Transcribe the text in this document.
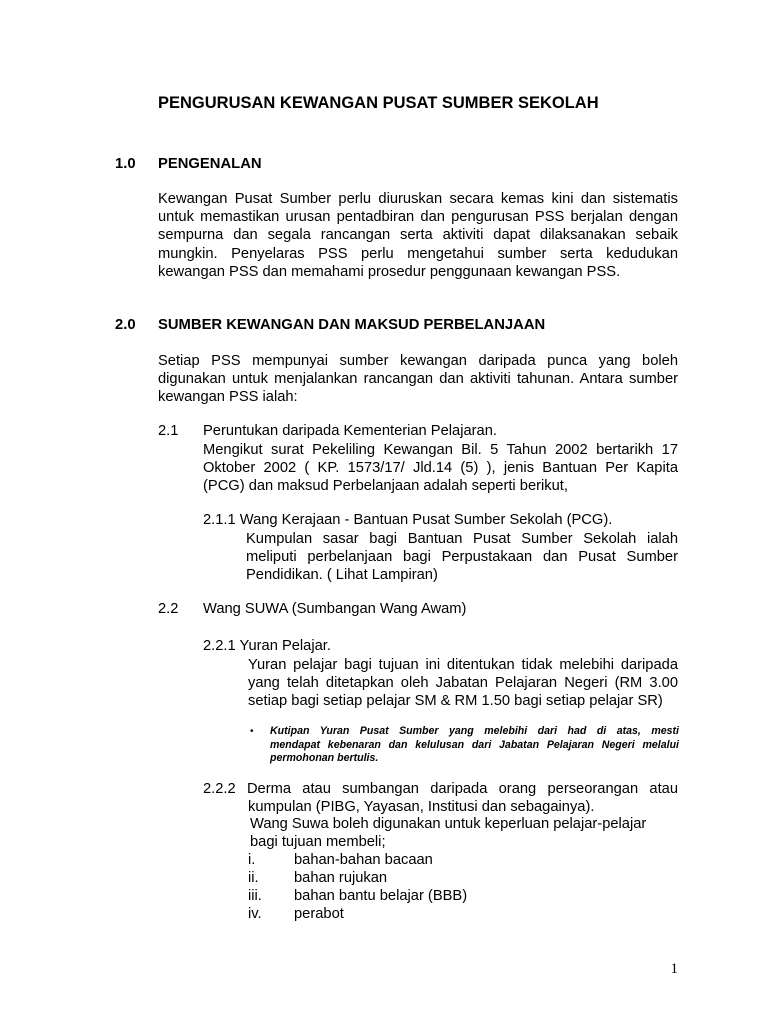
PENGURUSAN KEWANGAN PUSAT SUMBER SEKOLAH
1.0 PENGENALAN
Kewangan Pusat Sumber perlu diuruskan secara kemas kini dan sistematis
untuk memastikan urusan pentadbiran dan pengurusan PSS berjalan dengan
sempurna dan segala rancangan serta aktiviti dapat dilaksanakan sebaik
mungkin. Penyelaras PSS perlu mengetahui sumber serta kedudukan
kewangan PSS dan memahami prosedur penggunaan kewangan PSS.
2.0 SUMBER KEWANGAN DAN MAKSUD PERBELANJAAN
Setiap PSS mempunyai sumber kewangan daripada punca yang boleh
digunakan untuk menjalankan rancangan dan aktiviti tahunan. Antara sumber
kewangan PSS ialah:
2.1 Peruntukan daripada Kementerian Pelajaran.
Mengikut surat Pekeliling Kewangan Bil. 5 Tahun 2002 bertarikh 17
Oktober 2002 ( KP. 1573/17/ Jld.14 (5) ), jenis Bantuan Per Kapita
(PCG) dan maksud Perbelanjaan adalah seperti berikut,
2.1.1 Wang Kerajaan - Bantuan Pusat Sumber Sekolah (PCG).
Kumpulan sasar bagi Bantuan Pusat Sumber Sekolah ialah
meliputi perbelanjaan bagi Perpustakaan dan Pusat Sumber
Pendidikan. ( Lihat Lampiran)
2.2 Wang SUWA (Sumbangan Wang Awam)
2.2.1 Yuran Pelajar.
Yuran pelajar bagi tujuan ini ditentukan tidak melebihi daripada
yang telah ditetapkan oleh Jabatan Pelajaran Negeri (RM 3.00
setiap bagi setiap pelajar SM & RM 1.50 bagi setiap pelajar SR)
• Kutipan Yuran Pusat Sumber yang melebihi dari had di atas, mesti
mendapat kebenaran dan kelulusan dari Jabatan Pelajaran Negeri melalui
permohonan bertulis.
2.2.2 Derma atau sumbangan daripada orang perseorangan atau
kumpulan (PIBG, Yayasan, Institusi dan sebagainya).
Wang Suwa boleh digunakan untuk keperluan pelajar-pelajar
bagi tujuan membeli;
i.	bahan-bahan bacaan
ii. bahan rujukan
iii. bahan bantu belajar (BBB)
iv. perabot
1
